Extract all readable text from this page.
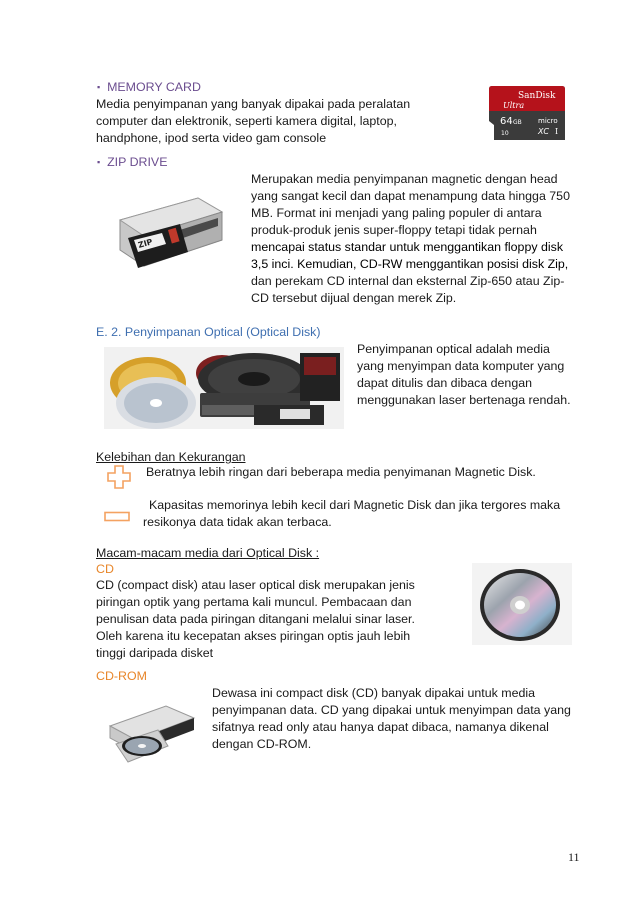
▪ MEMORY CARD
Media penyimpanan yang banyak dipakai pada peralatan
computer dan elektronik, seperti kamera digital, laptop,
handphone, ipod serta video gam console
SanDisk
Ultra
64 GB
10
micro
XC I
▪ ZIP DRIVE
Merupakan media penyimpanan magnetic dengan head
yang sangat kecil dan dapat menampung data hingga 750
MB. Format ini menjadi yang paling populer di antara
produk-produk jenis super-floppy tetapi tidak pernah
mencapai status standar untuk menggantikan floppy disk
3,5 inci. Kemudian, CD-RW menggantikan posisi disk Zip,
dan perekam CD internal dan eksternal Zip-650 atau Zip-
CD tersebut dijual dengan merek Zip.
ZIP
E. 2. Penyimpanan Optical (Optical Disk)
Penyimpanan optical adalah media
yang menyimpan data komputer yang
dapat ditulis dan dibaca dengan
menggunakan laser bertenaga rendah.
Kelebihan dan Kekurangan
Beratnya lebih ringan dari beberapa media penyimanan Magnetic Disk.
Kapasitas memorinya lebih kecil dari Magnetic Disk dan jika tergores maka
resikonya data tidak akan terbaca.
Macam-macam media dari Optical Disk :
CD
CD (compact disk) atau laser optical disk merupakan jenis
piringan optik yang pertama kali muncul. Pembacaan dan
penulisan data pada piringan ditangani melalui sinar laser.
Oleh karena itu kecepatan akses piringan optis jauh lebih
tinggi daripada disket
CD-ROM
Dewasa ini compact disk (CD) banyak dipakai untuk media
penyimpanan data. CD yang dipakai untuk menyimpan data yang
sifatnya read only atau hanya dapat dibaca, namanya dikenal
dengan CD-ROM.
11
